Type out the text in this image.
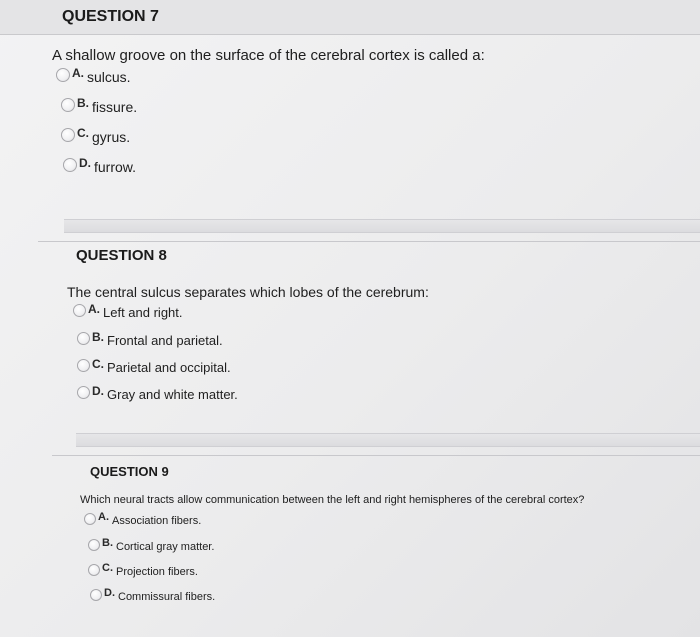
QUESTION 7
A shallow groove on the surface of the cerebral cortex is called a:
A. sulcus.
B. fissure.
C. gyrus.
D. furrow.
QUESTION 8
The central sulcus separates which lobes of the cerebrum:
A. Left and right.
B. Frontal and parietal.
C. Parietal and occipital.
D. Gray and white matter.
QUESTION 9
Which neural tracts allow communication between the left and right hemispheres of the cerebral cortex?
A. Association fibers.
B. Cortical gray matter.
C. Projection fibers.
D. Commissural fibers.
